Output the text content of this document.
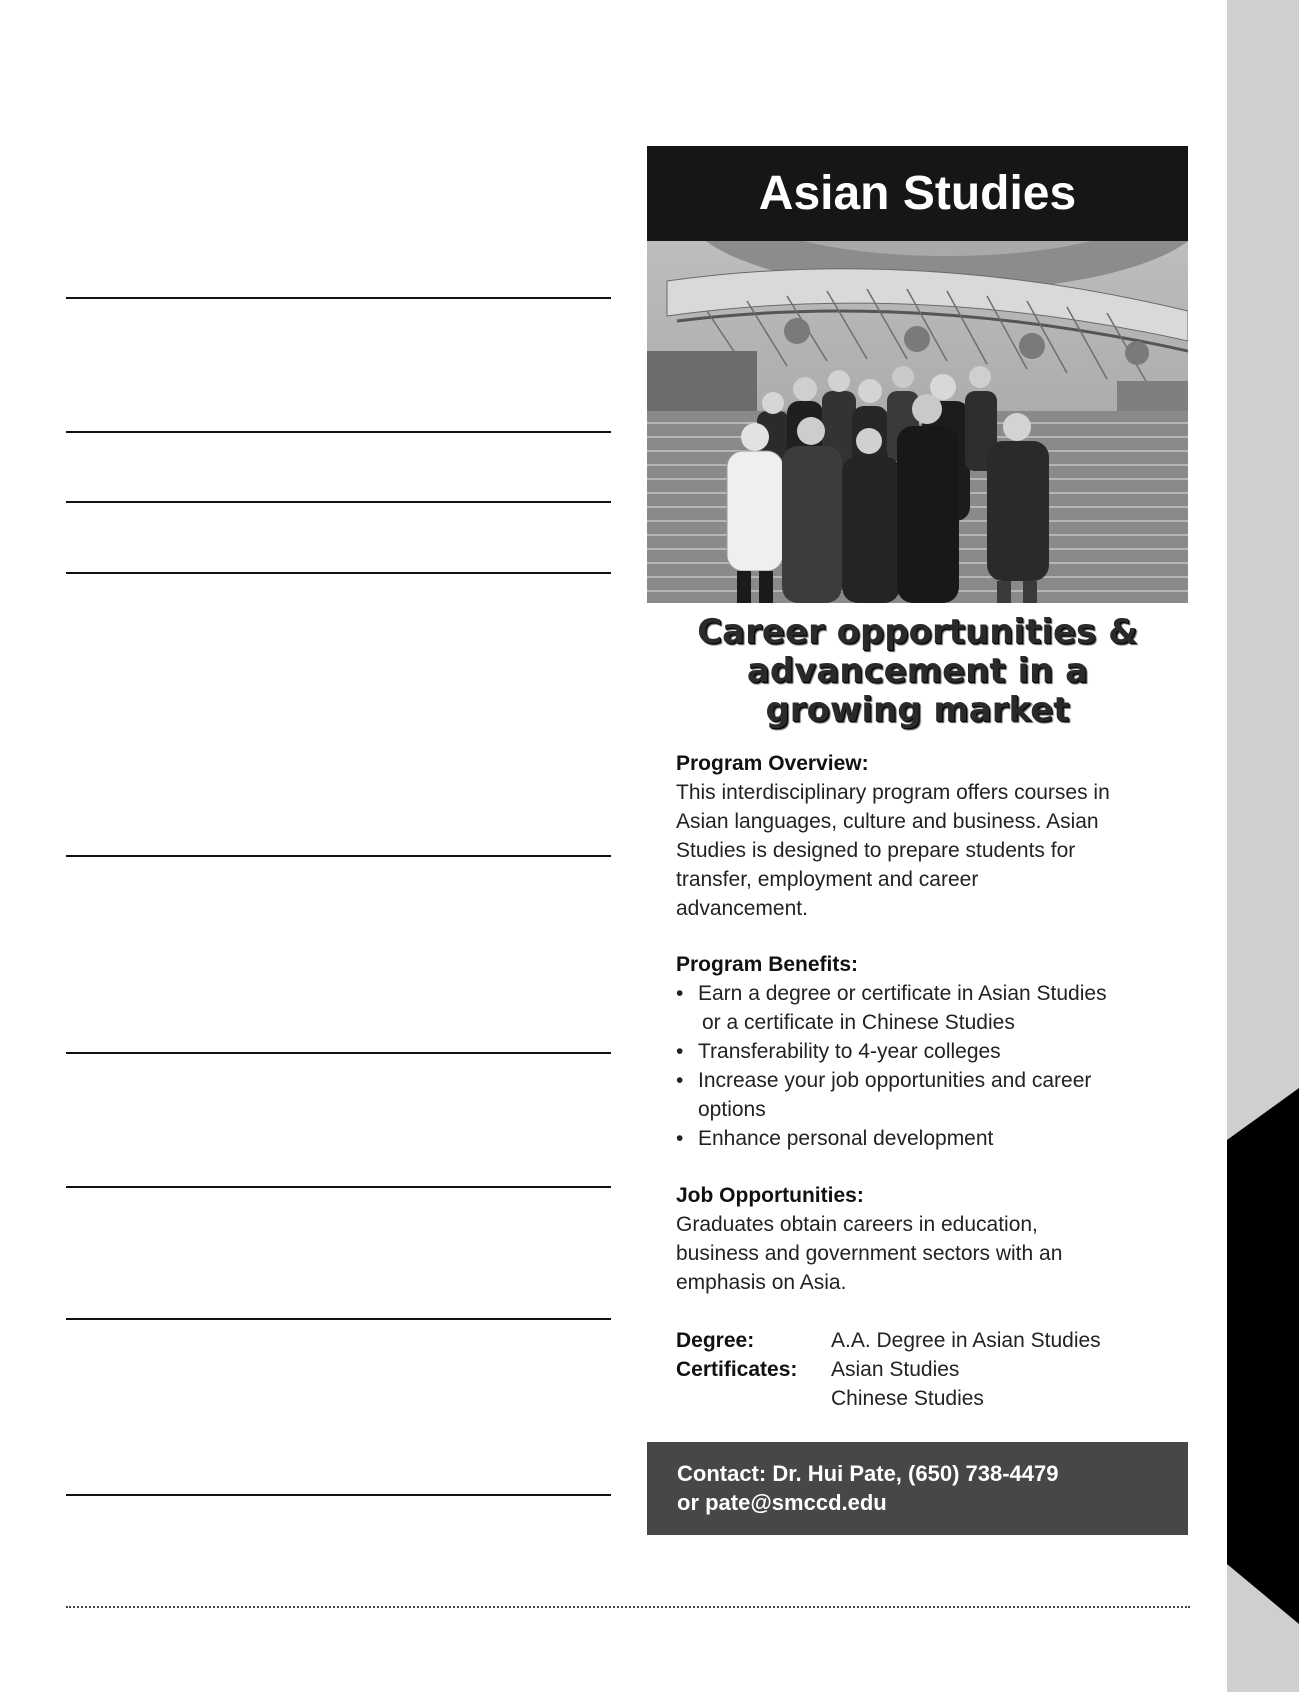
Asian Studies
Career opportunities &
advancement in a
growing market
Program Overview:

This interdisciplinary program offers courses in

Asian languages, culture and business. Asian

Studies is designed to prepare students for

transfer, employment and career

advancement.

Program Benefits:
• Earn a degree or certificate in Asian Studies
or a certificate in Chinese Studies
• Transferability to 4-year colleges
• Increase your job opportunities and career
options
• Enhance personal development
Job Opportunities:

Graduates obtain careers in education,

business and government sectors with an

emphasis on Asia.

Degree:	A.A. Degree in Asian Studies
Certificates:	Asian Studies
Chinese Studies
Contact: Dr. Hui Pate, (650) 738-4479
or pate@smccd.edu
